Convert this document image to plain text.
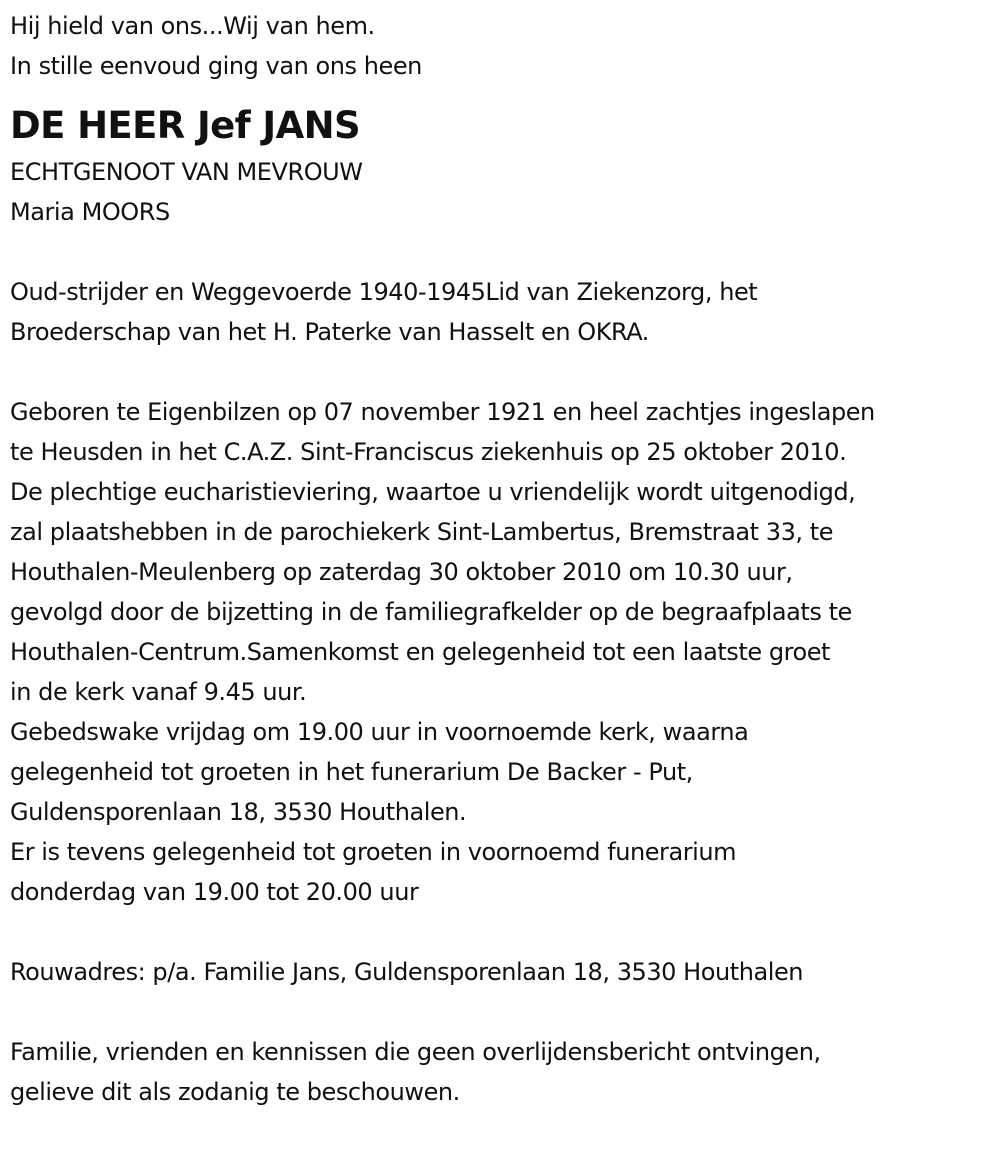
Hij hield van ons...Wij van hem.
In stille eenvoud ging van ons heen
DE HEER Jef JANS
ECHTGENOOT VAN MEVROUW
Maria MOORS
Oud-strijder en Weggevoerde 1940-1945Lid van Ziekenzorg, het
Broederschap van het H. Paterke van Hasselt en OKRA.
Geboren te Eigenbilzen op 07 november 1921 en heel zachtjes ingeslapen
te Heusden in het C.A.Z. Sint-Franciscus ziekenhuis op 25 oktober 2010.
De plechtige eucharistieviering, waartoe u vriendelijk wordt uitgenodigd,
zal plaatshebben in de parochiekerk Sint-Lambertus, Bremstraat 33, te
Houthalen-Meulenberg op zaterdag 30 oktober 2010 om 10.30 uur,
gevolgd door de bijzetting in de familiegrafkelder op de begraafplaats te
Houthalen-Centrum.Samenkomst en gelegenheid tot een laatste groet
in de kerk vanaf 9.45 uur.
Gebedswake vrijdag om 19.00 uur in voornoemde kerk, waarna
gelegenheid tot groeten in het funerarium De Backer - Put,
Guldensporenlaan 18, 3530 Houthalen.
Er is tevens gelegenheid tot groeten in voornoemd funerarium
donderdag van 19.00 tot 20.00 uur
Rouwadres: p/a. Familie Jans, Guldensporenlaan 18, 3530 Houthalen
Familie, vrienden en kennissen die geen overlijdensbericht ontvingen,
gelieve dit als zodanig te beschouwen.
